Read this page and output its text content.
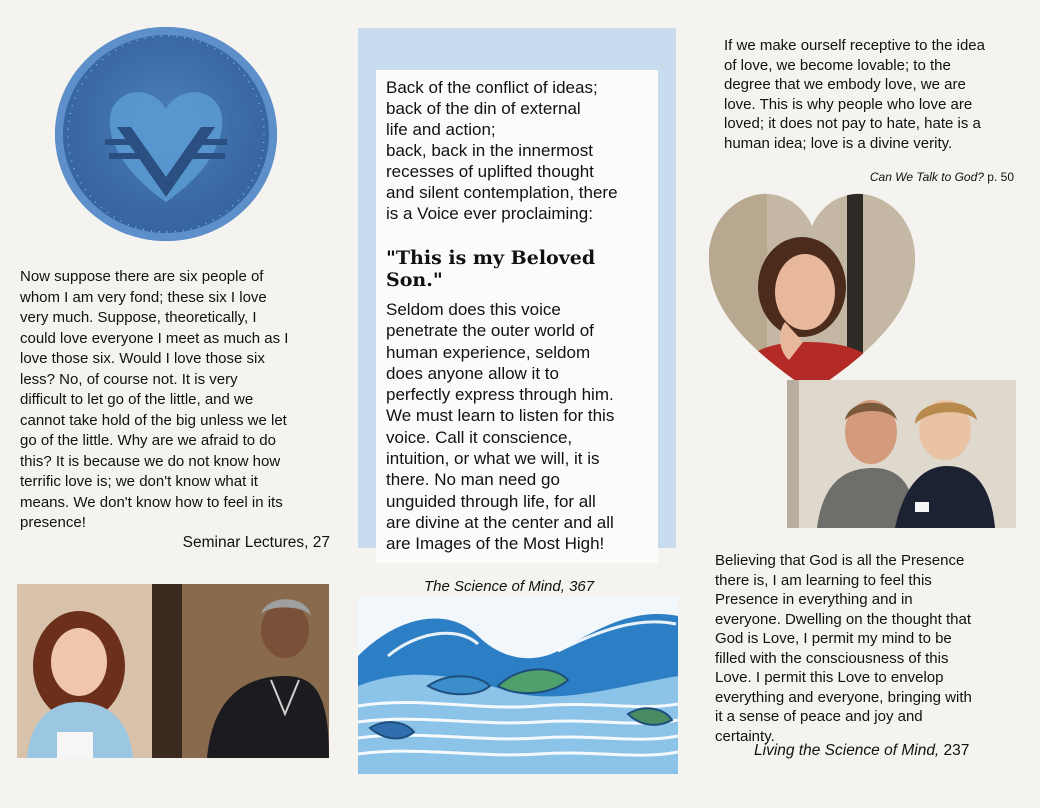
Now suppose there are six people of
whom I am very fond; these six I love
very much. Suppose, theoretically, I
could love everyone I meet as much as I
love those six. Would I love those six
less? No, of course not. It is very
difficult to let go of the little, and we
cannot take hold of the big unless we let
go of the little. Why are we afraid to do
this? It is because we do not know how
terrific love is; we don't know what it
means. We don't know how to feel in its
presence!
Seminar Lectures, 27
Back of the conflict of ideas;
back of the din of external
life and action;
back, back in the innermost
recesses of uplifted thought
and silent contemplation, there
is a Voice ever proclaiming:
"This is my Beloved Son."
Seldom does this voice
penetrate the outer world of
human experience, seldom
does anyone allow it to
perfectly express through him.
We must learn to listen for this
voice. Call it conscience,
intuition, or what we will, it is
there. No man need go
unguided through life, for all
are divine at the center and all
are Images of the Most High!
The Science of Mind, 367
If we make ourself receptive to the idea
of love, we become lovable; to the
degree that we embody love, we are
love. This is why people who love are
loved; it does not pay to hate, hate is a
human idea; love is a divine verity.
Can We Talk to God? p. 50
Believing that God is all the Presence
there is, I am learning to feel this
Presence in everything and in
everyone. Dwelling on the thought that
God is Love, I permit my mind to be
filled with the consciousness of this
Love. I permit this Love to envelop
everything and everyone, bringing with
it a sense of peace and joy and
certainty.
Living the Science of Mind, 237
